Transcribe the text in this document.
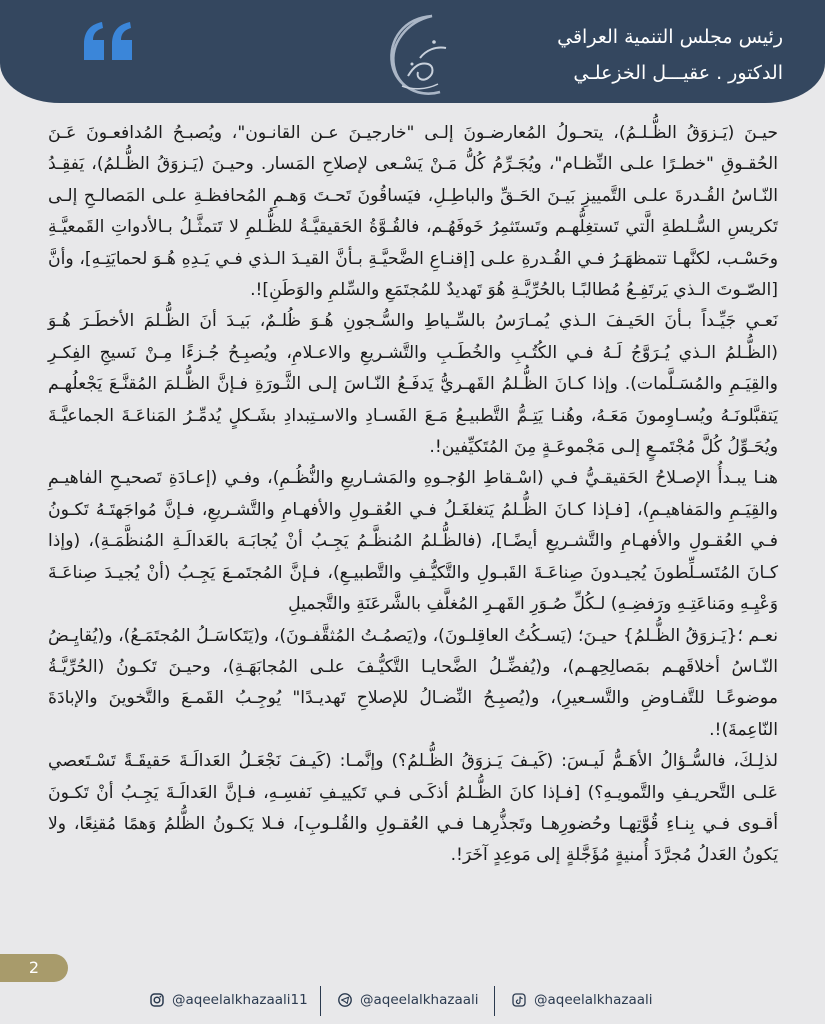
رئيس مجلس التنمية العراقي
الدكتور . عقيـــل الخزعلـي

حيـنَ (يَـزوَقُ الظُّـلـمُ)، يتحـولُ المُعارضـونَ إلـى "خارجيـنَ عـن القانـون"، ويُصبـحُ المُدافعـونَ عَـنَ الحُقـوقِ "خطـرًا علـى النِّظـام"، ويُجَـرِّمُ كُلُّ مَـنْ يَسْـعى لإصلاحِ المَسار. وحيـنَ (يَـزوَقُ الظُّـلمُ)، يَفقِـدُ النّـاسُ القُـدرةَ علـى التَّمييزِ بَيـنَ الحَـقِّ والباطِـلِ، فيَساقُونَ تَحـتَ وَهـمِ المُحافظـةِ علـى المَصالـحِ إلـى تَكريسِ السُّـلطةِ الَّتي تَستغِلُّهـم وتَستَثمِرُ خَوفَهُـم، فالقُـوَّةُ الحَقيقيَّـةُ للظُّـلمِ لا تَتمثَّـلُ بـالأدواتِ القَمعيَّـةِ وحَسْـب، لكنَّهـا تتمظهَـرُ فـي القُـدرةِ علـى [إقنـاعِ الضَّحيَّـةِ بـأنَّ القيـدَ الـذي فـي يَـدِهِ هُـوَ لحمايَتِـهِ]، وأنَّ [الصّـوتَ الـذي يَرتَفِـعُ مُطالبًـا بالحُرِّيَّـةِ هُوَ تَهديدٌ للمُجتَمَعِ والسِّلمِ والوَطَنِ]!.

نَعـي جَيِّـداً بـأنَ الحَيـفَ الـذي يُمـارَسُ بالسِّـياطِ والسُّـجونِ هُـوَ ظُلـمٌ، بَيـدَ أنَ الظُّـلمَ الأخطَـرَ هُـوَ (الظُّـلمُ الـذي يُـرَوَّجُ لَـهُ فـي الكُتُـبِ والخُطَـبِ والتَّشـريعِ والاعـلامِ، ويُصبِـحُ جُـزءًا مِـنْ نَسيجِ الفِكـرِ والقِيَـمِ والمُسَـلَّمات). وإذا كـانَ الظُّـلمُ القَهـريُّ يَدفَـعُ النّـاسَ إلـى الثَّـورَةِ فـإنَّ الظُّـلمَ المُقنَّـعَ يَجْعلُهـم يَتقبَّلونَـهُ ويُسـاوِمونَ مَعَـهُ، وهُنـا يَتِـمُّ التَّطبيـعُ مَـعَ الفَسـادِ والاسـتِبدادِ بشَـكلٍ يُدمِّـرُ المَناعَـةَ الجماعيَّـةَ ويُحَـوِّلُ كُلَّ مُجْتَمـعٍ إلـى مَجْموعَـةٍ مِنَ المُتَكيِّفين!.

هنـا يبـدأُ الإصـلاحُ الحَقيقـيُّ فـي (اسْـقاطِ الوُجـوهِ والمَشـاريعِ والنُّظُـمِ)، وفـي (إعـادَةِ تَصحيـحِ الفاهيـمِ والقِيَـمِ والمَفاهيـمِ)، [فـإذا كـانَ الظُّـلمُ يَتغلغَـلُ فـي العُقـولِ والأفهـامِ والتَّشـريعِ، فـإنَّ مُواجَهتَـهُ تَكـونُ فـي العُقـولِ والأفهـامِ والتَّشـريعِ أيضًـا]، (فالظُّـلمُ المُنظَّـمُ يَجِـبُ أنْ يُجابَـهَ بالعَدالَـةِ المُنظَّمَـةِ)، (وإذا كـانَ المُتَسـلِّطونَ يُجيـدونَ صِناعَـةَ القَبـولِ والتَّكيُّـفِ والتَّطبيـعِ)، فـإنَّ المُجتَمـعَ يَجِـبُ (أنْ يُجيـدَ صِناعَـةَ وَعْيِـهِ ومَناعَتِـهِ ورَفضِـهِ) لـكُلِّ صُـوَرِ القَهـرِ المُغلَّفِ بالشَّرعَنَةِ والتَّجميلِ

نعـم ؛{يَـزوَقُ الظُّـلمُ} حيـنَ؛ (يَسـكُتُ العاقِلـونَ)، و(يَصمُـتُ المُثقَّفـونَ)، و(يَتَكاسَـلُ المُجتَمَـعُ)، و(يُقايِـضُ النّـاسُ أخلاقَهـم بمَصالِحِهـم)، و(يُفضِّـلُ الضَّحايـا التَّكيُّـفَ علـى المُجابَهَـةِ)، وحيـنَ تَكـونُ (الحُرِّيَّـةُ موضوعًـا للتَّفـاوضِ والتَّسـعيرِ)، و(يُصبِـحُ النِّضـالُ للإصلاحِ تَهديـدًا" يُوجِـبُ القَمـعَ والتَّخوينَ والإبادَةَ النّاعِمةَ)!.

لذلِـكَ، فالسُّـؤالُ الأهَـمُّ لَيـسَ: (كَيـفَ يَـزوَقُ الظُّـلمُ؟) وإنَّمـا: (كَيـفَ نَجْعَـلُ العَدالَـةَ حَقيقَـةً تَسْـتَعصي عَلـى التَّحريـفِ والتَّمويـهِ؟) [فـإذا كانَ الظُّـلمُ أذكَـى فـي تَكييـفِ نَفسِـهِ، فـإنَّ العَدالَـةَ يَجِـبُ أنْ تَكـونَ أقـوى فـي بِنـاءِ قُوَّتِهـا وحُضورِهـا وتَجذُّرِهـا فـي العُقـولِ والقُلـوبِ]، فـلا يَكـونُ الظُّلمُ وَهمًا مُقنِعًا، ولا يَكونُ العَدلُ مُجرَّدَ أُمنيةٍ مُؤَجَّلةٍ إلى مَوعِدٍ آخَرَ!.

2
@aqeelalkhazaali11	@aqeelalkhazaali	@aqeelalkhazaali
